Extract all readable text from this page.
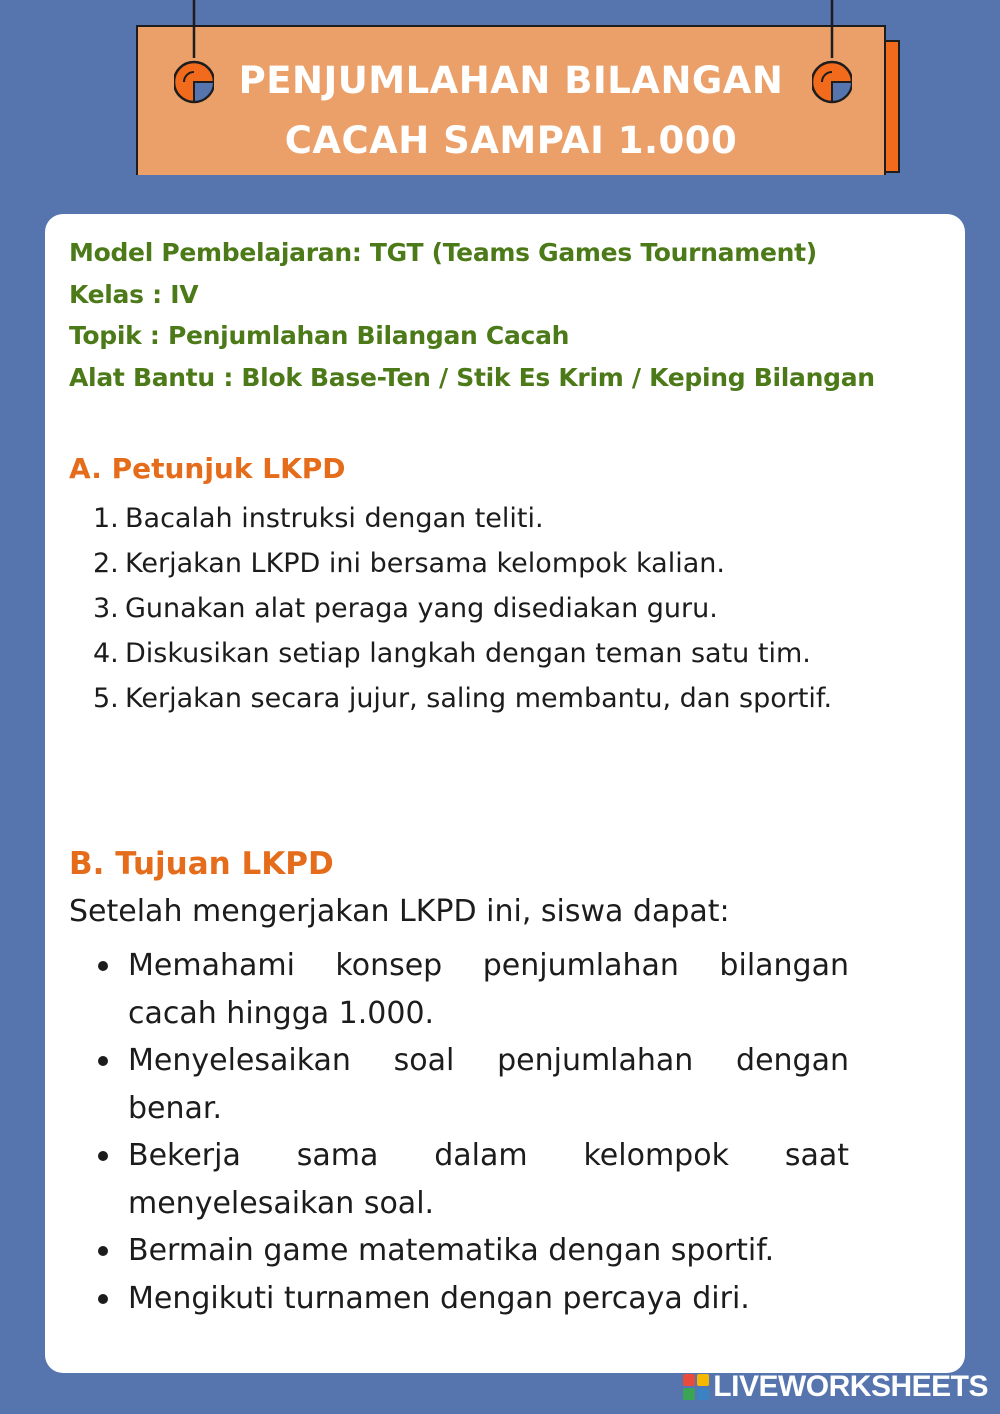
PENJUMLAHAN BILANGAN
CACAH SAMPAI 1.000
Model Pembelajaran: TGT (Teams Games Tournament)
Kelas : IV
Topik : Penjumlahan Bilangan Cacah
Alat Bantu : Blok Base-Ten / Stik Es Krim / Keping Bilangan
A. Petunjuk LKPD
1. Bacalah instruksi dengan teliti.
2. Kerjakan LKPD ini bersama kelompok kalian.
3. Gunakan alat peraga yang disediakan guru.
4. Diskusikan setiap langkah dengan teman satu tim.
5. Kerjakan secara jujur, saling membantu, dan sportif.
B. Tujuan LKPD
Setelah mengerjakan LKPD ini, siswa dapat:
Memahami konsep penjumlahan bilangan cacah hingga 1.000.
Menyelesaikan soal penjumlahan dengan benar.
Bekerja sama dalam kelompok saat menyelesaikan soal.
Bermain game matematika dengan sportif.
Mengikuti turnamen dengan percaya diri.
LIVEWORKSHEETS
